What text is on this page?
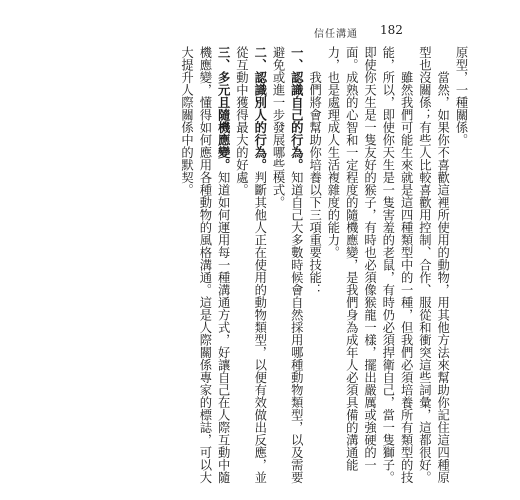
信任溝通 182

原型，一種關係。

當然，如果你不喜歡這裡所使用的動物，用其他方法來幫助你記住這四種原型也沒關係；有些人比較喜歡用控制、合作、服從和衝突這些詞彙，這都很好。

雖然我們可能生來就是這四種類型中的一種，但我們必須培養所有類型的技能，所以，即使你天生是一隻害羞的老鼠，有時仍必須捍衛自己，當一隻獅子。即使你天生是一隻友好的猴子，有時也必須像猴龍一樣，擺出嚴厲或強硬的一面。成熟的心智和一定程度的隨機應變，是我們身為成年人必須具備的溝通能力，也是處理成人生活複雜度的能力。

我們將會幫助你培養以下三項重要技能：

一、認識自己的行為。知道自己大多數時候會自然採用哪種動物類型，以及需要避免或進一步發展哪些模式。

二、認識別人的行為。判斷其他人正在使用的動物類型，以便有效做出反應，並從互動中獲得最大的好處。

三、多元且隨機應變。知道如何運用每一種溝通方式，好讓自己在人際互動中隨機應變，懂得如何應用各種動物的風格溝通。這是人際關係專家的標誌，可以大大提升人際關係中的默契。
